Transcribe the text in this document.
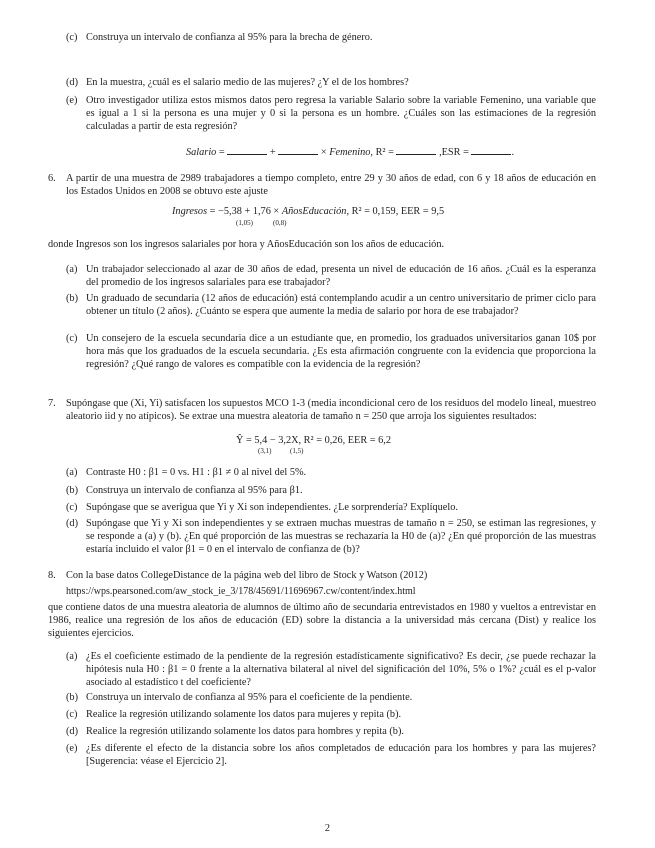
(c) Construya un intervalo de confianza al 95% para la brecha de género.
(d) En la muestra, ¿cuál es el salario medio de las mujeres? ¿Y el de los hombres?
(e) Otro investigador utiliza estos mismos datos pero regresa la variable Salario sobre la variable Femenino, una variable que es igual a 1 si la persona es una mujer y 0 si la persona es un hombre. ¿Cuáles son las estimaciones de la regresión calculadas a partir de esta regresión?
Salario =	+	× Femenino, R² =	,ESR =	.
6. A partir de una muestra de 2989 trabajadores a tiempo completo, entre 29 y 30 años de edad, con 6 y 18 años de educación en los Estados Unidos en 2008 se obtuvo este ajuste
Ingresos = −5,38 + 1,76 × AñosEducación, R² = 0,159, EER = 9,5
(1,05)	(0,8)
donde Ingresos son los ingresos salariales por hora y AñosEducación son los años de educación.
(a) Un trabajador seleccionado al azar de 30 años de edad, presenta un nivel de educación de 16 años. ¿Cuál es la esperanza del promedio de los ingresos salariales para ese trabajador?
(b) Un graduado de secundaria (12 años de educación) está contemplando acudir a un centro universitario de primer ciclo para obtener un título (2 años). ¿Cuánto se espera que aumente la media de salario por hora de ese trabajador?
(c) Un consejero de la escuela secundaria dice a un estudiante que, en promedio, los graduados universitarios ganan 10$ por hora más que los graduados de la escuela secundaria. ¿Es esta afirmación congruente con la evidencia que proporciona la regresión? ¿Qué rango de valores es compatible con la evidencia de la regresión?
7. Supóngase que (Xi, Yi) satisfacen los supuestos MCO 1-3 (media incondicional cero de los residuos del modelo lineal, muestreo aleatorio iid y no atípicos). Se extrae una muestra aleatoria de tamaño n = 250 que arroja los siguientes resultados:
Ŷ = 5,4 − 3,2X, R² = 0,26, EER = 6,2
(3,1)	(1,5)
(a) Contraste H0 : β1 = 0 vs. H1 : β1 ≠ 0 al nivel del 5%.
(b) Construya un intervalo de confianza al 95% para β1.
(c) Supóngase que se averigua que Yi y Xi son independientes. ¿Le sorprendería? Explíquelo.
(d) Supóngase que Yi y Xi son independientes y se extraen muchas muestras de tamaño n = 250, se estiman las regresiones, y se responde a (a) y (b). ¿En qué proporción de las muestras se rechazaría la H0 de (a)? ¿En qué proporción de las muestras estaría incluido el valor β1 = 0 en el intervalo de confianza de (b)?
8. Con la base datos CollegeDistance de la página web del libro de Stock y Watson (2012)
https://wps.pearsoned.com/aw_stock_ie_3/178/45691/11696967.cw/content/index.html
que contiene datos de una muestra aleatoria de alumnos de último año de secundaria entrevistados en 1980 y vueltos a entrevistar en 1986, realice una regresión de los años de educación (ED) sobre la distancia a la universidad más cercana (Dist) y realice los siguientes ejercicios.
(a) ¿Es el coeficiente estimado de la pendiente de la regresión estadísticamente significativo? Es decir, ¿se puede rechazar la hipótesis nula H0 : β1 = 0 frente a la alternativa bilateral al nivel del significación del 10%, 5% o 1%? ¿cuál es el p-valor asociado al estadístico t del coeficiente?
(b) Construya un intervalo de confianza al 95% para el coeficiente de la pendiente.
(c) Realice la regresión utilizando solamente los datos para mujeres y repita (b).
(d) Realice la regresión utilizando solamente los datos para hombres y repita (b).
(e) ¿Es diferente el efecto de la distancia sobre los años completados de educación para los hombres y para las mujeres? [Sugerencia: véase el Ejercicio 2].
2
